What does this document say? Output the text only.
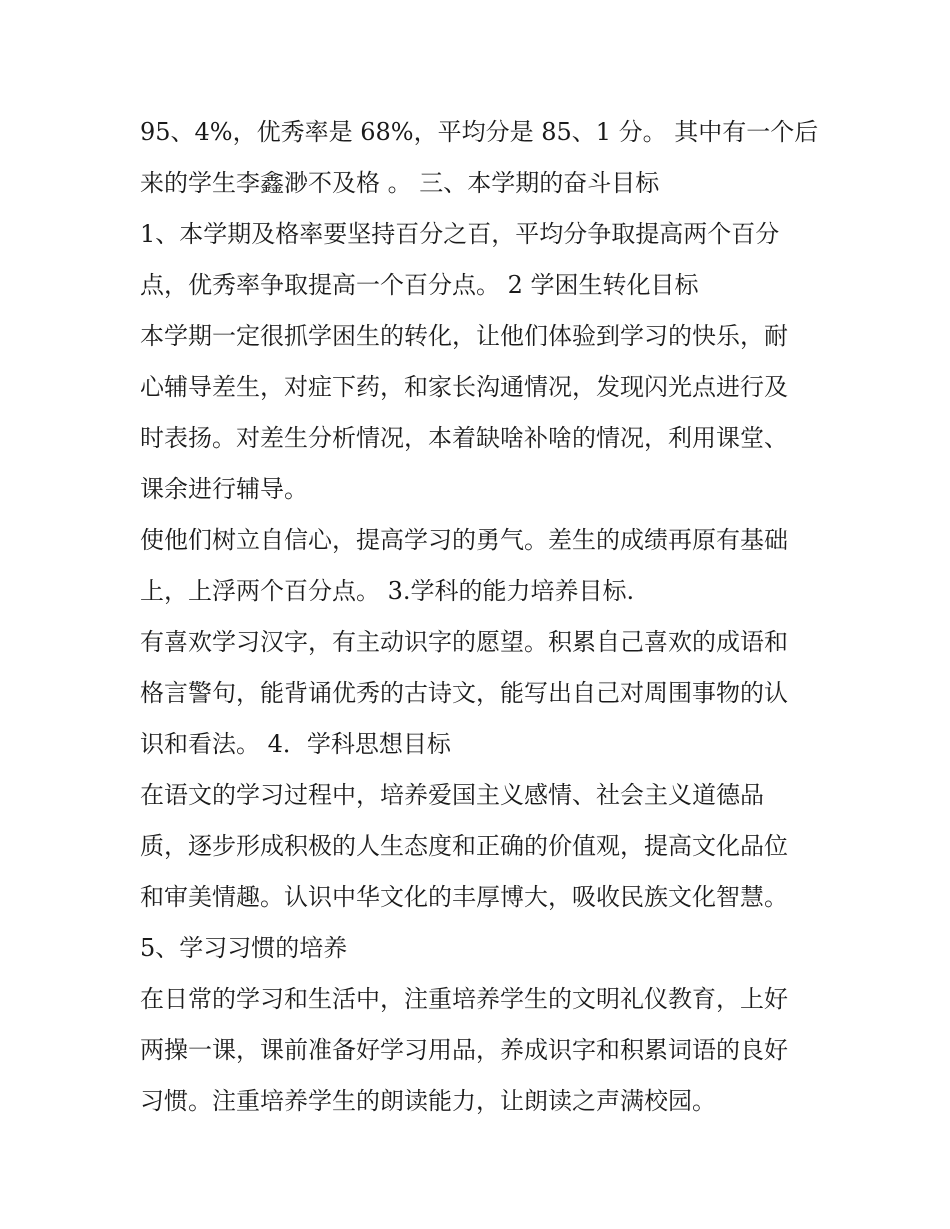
95、4%，优秀率是 68%，平均分是 85、1 分。 其中有一个后
来的学生李鑫渺不及格 。 三、本学期的奋斗目标
1、本学期及格率要坚持百分之百，平均分争取提高两个百分
点，优秀率争取提高一个百分点。 2 学困生转化目标
本学期一定很抓学困生的转化，让他们体验到学习的快乐，耐
心辅导差生，对症下药，和家长沟通情况，发现闪光点进行及
时表扬。对差生分析情况，本着缺啥补啥的情况，利用课堂、
课余进行辅导。
使他们树立自信心，提高学习的勇气。差生的成绩再原有基础
上，上浮两个百分点。 3.学科的能力培养目标.
有喜欢学习汉字，有主动识字的愿望。积累自己喜欢的成语和
格言警句，能背诵优秀的古诗文，能写出自己对周围事物的认
识和看法。 4．学科思想目标
在语文的学习过程中，培养爱国主义感情、社会主义道德品
质，逐步形成积极的人生态度和正确的价值观，提高文化品位
和审美情趣。认识中华文化的丰厚博大，吸收民族文化智慧。
5、学习习惯的培养
在日常的学习和生活中，注重培养学生的文明礼仪教育，上好
两操一课，课前准备好学习用品，养成识字和积累词语的良好
习惯。注重培养学生的朗读能力，让朗读之声满校园。
